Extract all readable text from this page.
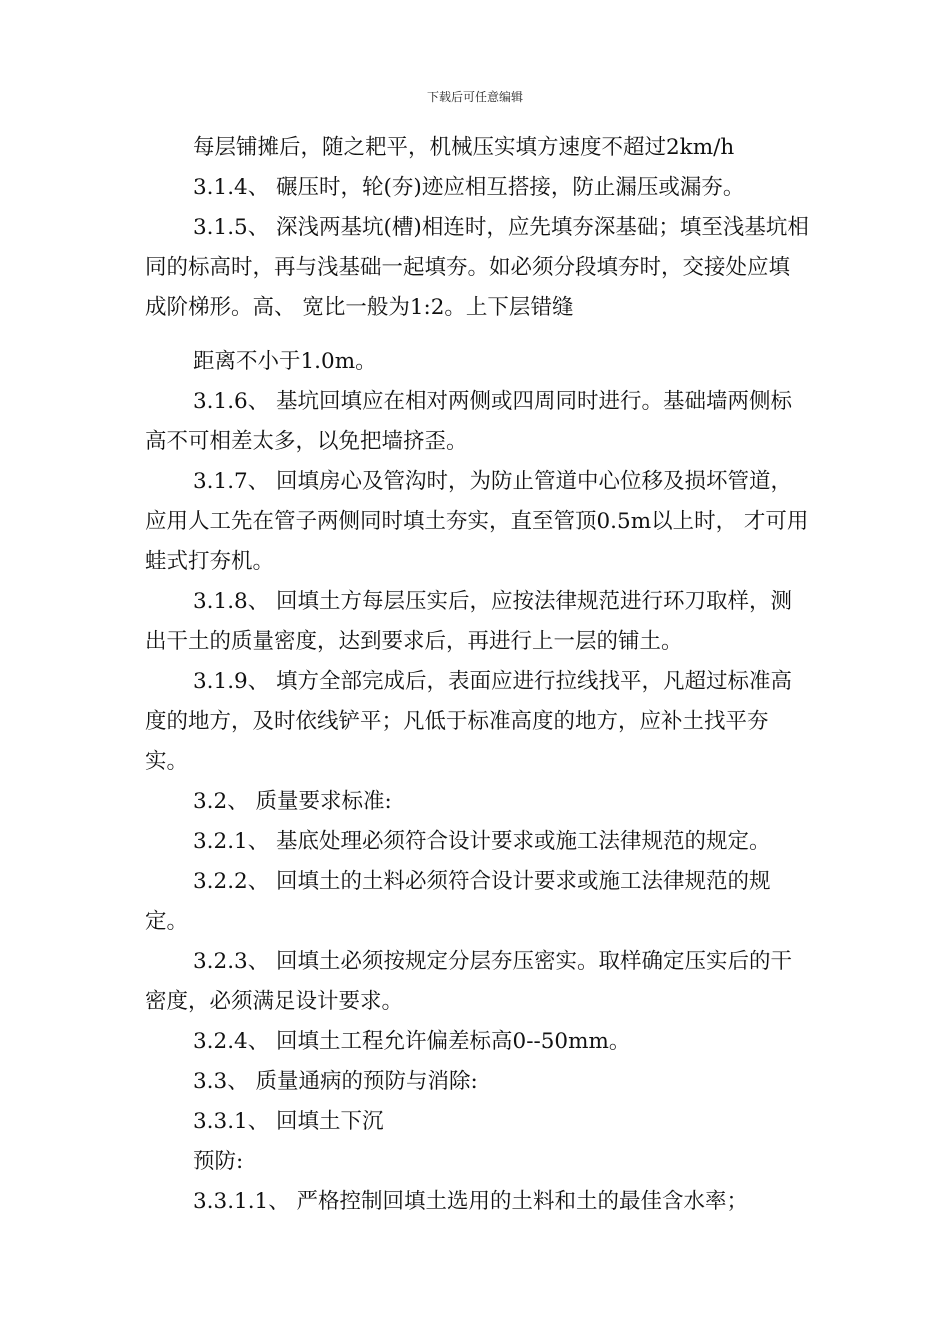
下载后可任意编辑

每层铺摊后，随之耙平，机械压实填方速度不超过2km/h

3.1.4、 碾压时，轮(夯)迹应相互搭接，防止漏压或漏夯。

3.1.5、 深浅两基坑(槽)相连时，应先填夯深基础；填至浅基坑相同的标高时，再与浅基础一起填夯。如必须分段填夯时，交接处应填成阶梯形。高、 宽比一般为1:2。上下层错缝

距离不小于1.0m。

3.1.6、 基坑回填应在相对两侧或四周同时进行。基础墙两侧标高不可相差太多，以免把墙挤歪。

3.1.7、 回填房心及管沟时，为防止管道中心位移及损坏管道，应用人工先在管子两侧同时填土夯实，直至管顶0.5m以上时， 才可用蛙式打夯机。

3.1.8、 回填土方每层压实后，应按法律规范进行环刀取样，测出干土的质量密度，达到要求后，再进行上一层的铺土。

3.1.9、 填方全部完成后，表面应进行拉线找平，凡超过标准高度的地方，及时依线铲平；凡低于标准高度的地方，应补土找平夯实。

3.2、 质量要求标准:

3.2.1、 基底处理必须符合设计要求或施工法律规范的规定。

3.2.2、 回填土的土料必须符合设计要求或施工法律规范的规定。

3.2.3、 回填土必须按规定分层夯压密实。取样确定压实后的干密度，必须满足设计要求。

3.2.4、 回填土工程允许偏差标高0--50mm。

3.3、 质量通病的预防与消除:

3.3.1、 回填土下沉

预防:

3.3.1.1、 严格控制回填土选用的土料和土的最佳含水率；
